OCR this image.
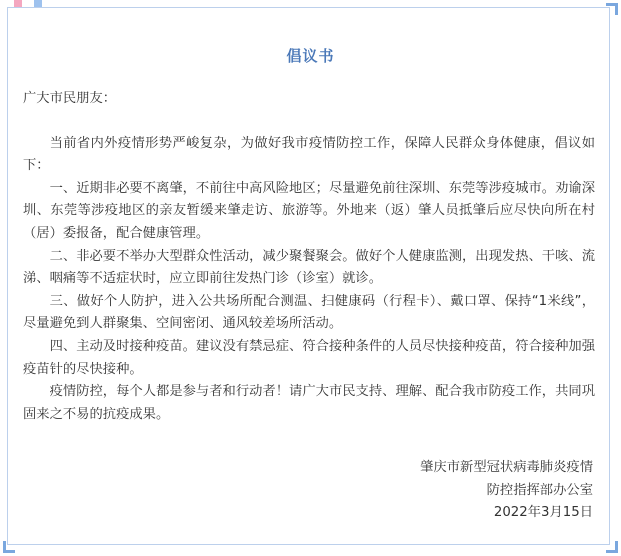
倡议书

广大市民朋友：

当前省内外疫情形势严峻复杂，为做好我市疫情防控工作，保障人民群众身体健康，倡议如下：

一、近期非必要不离肇，不前往中高风险地区；尽量避免前往深圳、东莞等涉疫城市。劝谕深圳、东莞等涉疫地区的亲友暂缓来肇走访、旅游等。外地来（返）肇人员抵肇后应尽快向所在村（居）委报备，配合健康管理。

二、非必要不举办大型群众性活动，减少聚餐聚会。做好个人健康监测，出现发热、干咳、流涕、咽痛等不适症状时，应立即前往发热门诊（诊室）就诊。

三、做好个人防护，进入公共场所配合测温、扫健康码（行程卡）、戴口罩、保持“1米线”，尽量避免到人群聚集、空间密闭、通风较差场所活动。

四、主动及时接种疫苗。建议没有禁忌症、符合接种条件的人员尽快接种疫苗，符合接种加强疫苗针的尽快接种。

疫情防控，每个人都是参与者和行动者！请广大市民支持、理解、配合我市防疫工作，共同巩固来之不易的抗疫成果。

肇庆市新型冠状病毒肺炎疫情
防控指挥部办公室
2022年3月15日
